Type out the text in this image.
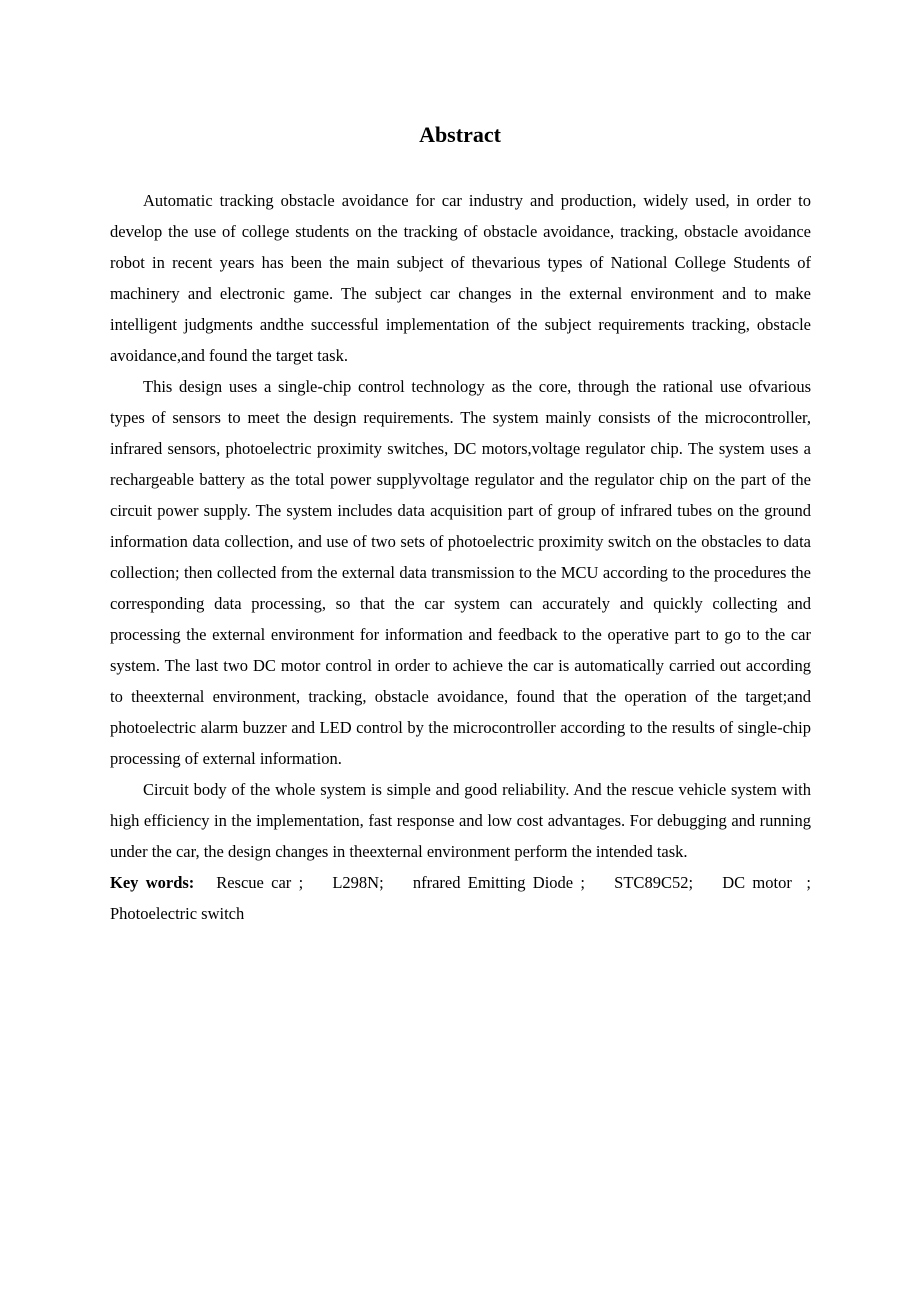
Abstract

Automatic tracking obstacle avoidance for car industry and production, widely used, in order to develop the use of college students on the tracking of obstacle avoidance, tracking, obstacle avoidance robot in recent years has been the main subject of thevarious types of National College Students of machinery and electronic game. The subject car changes in the external environment and to make intelligent judgments andthe successful implementation of the subject requirements tracking, obstacle avoidance,and found the target task.

This design uses a single-chip control technology as the core, through the rational use ofvarious types of sensors to meet the design requirements. The system mainly consists of the microcontroller, infrared sensors, photoelectric proximity switches, DC motors,voltage regulator chip. The system uses a rechargeable battery as the total power supplyvoltage regulator and the regulator chip on the part of the circuit power supply. The system includes data acquisition part of group of infrared tubes on the ground information data collection, and use of two sets of photoelectric proximity switch on the obstacles to data collection; then collected from the external data transmission to the MCU according to the procedures the corresponding data processing, so that the car system can accurately and quickly collecting and processing the external environment for information and feedback to the operative part to go to the car system. The last two DC motor control in order to achieve the car is automatically carried out according to theexternal environment, tracking, obstacle avoidance, found that the operation of the target;and photoelectric alarm buzzer and LED control by the microcontroller according to the results of single-chip processing of external information.

Circuit body of the whole system is simple and good reliability. And the rescue vehicle system with high efficiency in the implementation, fast response and low cost advantages. For debugging and running under the car, the design changes in theexternal environment perform the intended task.

Key words: Rescue car ;    L298N;    nfrared Emitting Diode ;    STC89C52;    DC motor  ;  Photoelectric switch
